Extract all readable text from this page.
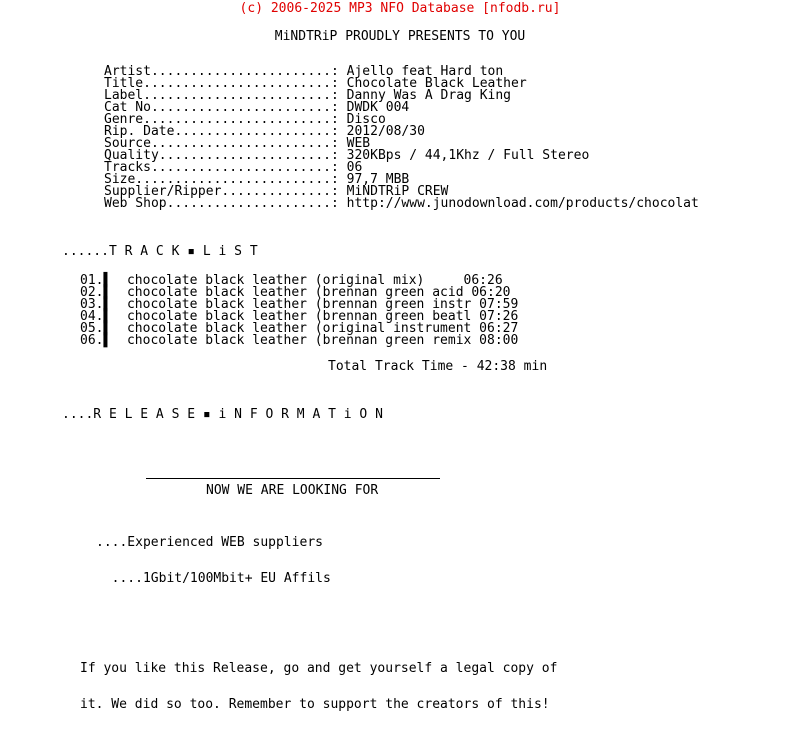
(c) 2006-2025 MP3 NFO Database [nfodb.ru]
MiNDTRiP PROUDLY PRESENTS TO YOU
Artist.......................: Ajello feat Hard ton
Title........................: Chocolate Black Leather
Label........................: Danny Was A Drag King
Cat No.......................: DWDK 004
Genre........................: Disco
Rip. Date....................: 2012/08/30
Source.......................: WEB
Quality......................: 320KBps / 44,1Khz / Full Stereo
Tracks.......................: 06
Size.........................: 97,7 MBB
Supplier/Ripper..............: MiNDTRiP CREW
Web Shop.....................: http://www.junodownload.com/products/chocolat
......T R A C K ▪ L i S T
01.▌ chocolate black leather (original mix)	06:26
02.▌ chocolate black leather (brennan green acid 06:20
03.▌ chocolate black leather (brennan green instr 07:59
04.▌ chocolate black leather (brennan green beatl 07:26
05.▌ chocolate black leather (original instrument 06:27
06.▌ chocolate black leather (brennan green remix 08:00
Total Track Time - 42:38 min
....R E L E A S E ▪ i N F O R M A T i O N
NOW WE ARE LOOKING FOR

....Experienced WEB suppliers

....1Gbit/100Mbit+ EU Affils

If you like this Release, go and get yourself a legal copy of

it. We did so too. Remember to support the creators of this!
